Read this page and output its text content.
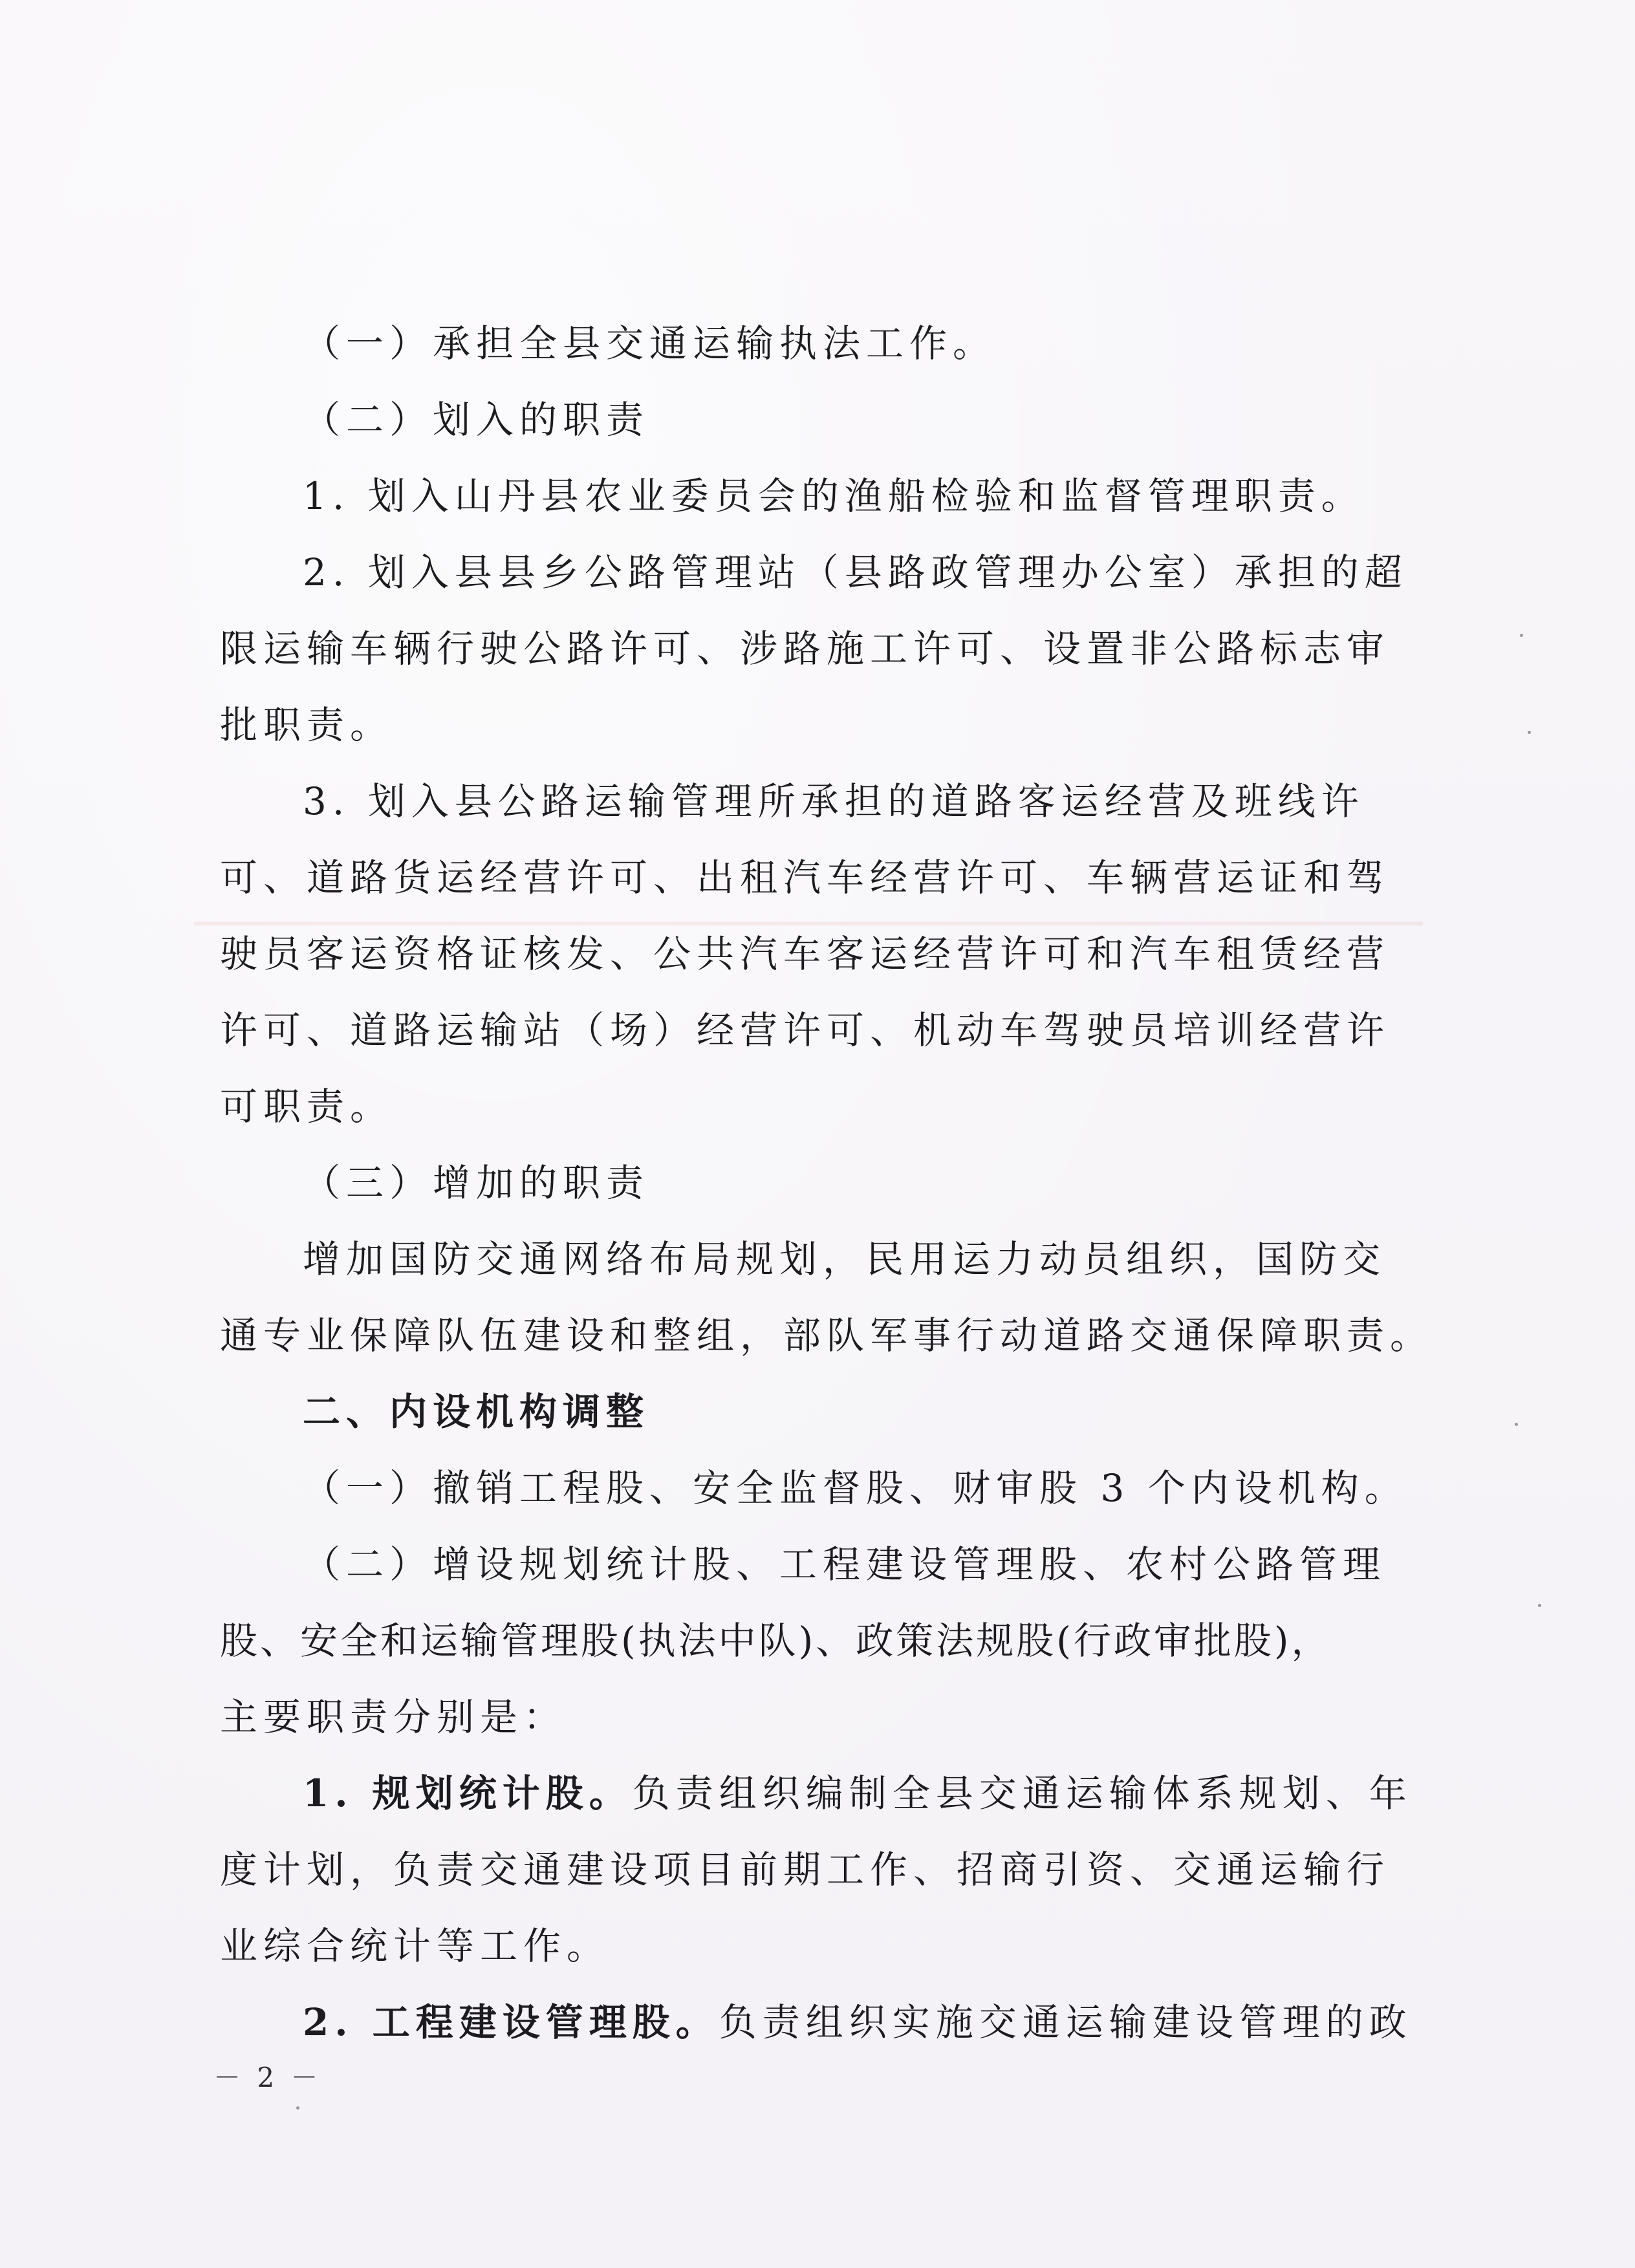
（一）承担全县交通运输执法工作。
（二）划入的职责
1. 划入山丹县农业委员会的渔船检验和监督管理职责。
2. 划入县县乡公路管理站（县路政管理办公室）承担的超
限运输车辆行驶公路许可、涉路施工许可、设置非公路标志审
批职责。
3. 划入县公路运输管理所承担的道路客运经营及班线许
可、道路货运经营许可、出租汽车经营许可、车辆营运证和驾
驶员客运资格证核发、公共汽车客运经营许可和汽车租赁经营
许可、道路运输站（场）经营许可、机动车驾驶员培训经营许
可职责。
（三）增加的职责
增加国防交通网络布局规划，民用运力动员组织，国防交
通专业保障队伍建设和整组，部队军事行动道路交通保障职责。
二、内设机构调整
（一）撤销工程股、安全监督股、财审股 3 个内设机构。
（二）增设规划统计股、工程建设管理股、农村公路管理
股、安全和运输管理股(执法中队)、政策法规股(行政审批股)，
主要职责分别是：
1. 规划统计股。负责组织编制全县交通运输体系规划、年
度计划，负责交通建设项目前期工作、招商引资、交通运输行
业综合统计等工作。
2. 工程建设管理股。负责组织实施交通运输建设管理的政
－ 2 －
